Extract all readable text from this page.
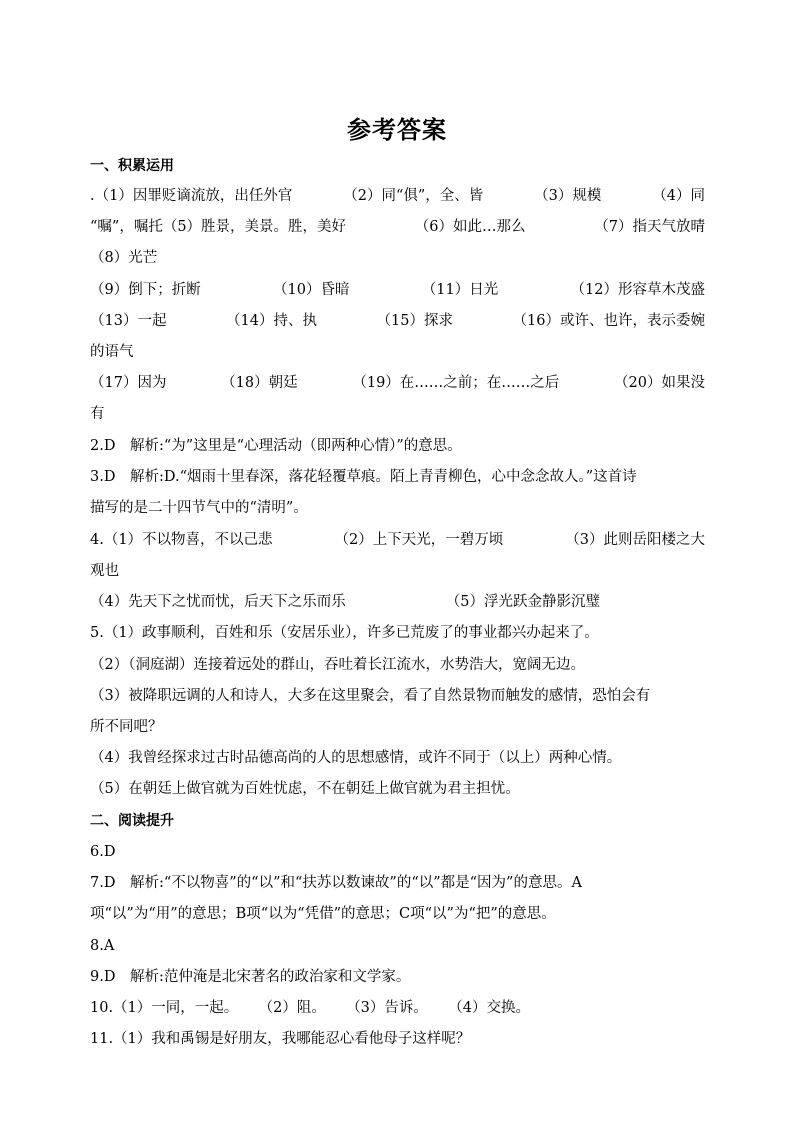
参考答案
一、积累运用
.（1）因罪贬谪流放，出任外官	（2）同“俱”，全、皆	（3）规模	（4）同
“嘱”，嘱托（5）胜景，美景。胜，美好	（6）如此…那么	（7）指天气放晴
（8）光芒
（9）倒下；折断	（10）昏暗	（11）日光	（12）形容草木茂盛
（13）一起	（14）持、执	（15）探求	（16）或许、也许，表示委婉
的语气
（17）因为	（18）朝廷	（19）在……之前；在……之后	（20）如果没
有
2.D　解析:“为”这里是“心理活动（即两种心情）”的意思。
3.D　解析:D.“烟雨十里春深，落花轻覆草痕。陌上青青柳色，心中念念故人。”这首诗
描写的是二十四节气中的“清明”。
4.（1）不以物喜，不以己悲	（2）上下天光，一碧万顷	（3）此则岳阳楼之大
观也
（4）先天下之忧而忧，后天下之乐而乐	（5）浮光跃金静影沉璧
5.（1）政事顺利，百姓和乐（安居乐业），许多已荒废了的事业都兴办起来了。
（2）（洞庭湖）连接着远处的群山，吞吐着长江流水，水势浩大，宽阔无边。
（3）被降职远调的人和诗人，大多在这里聚会，看了自然景物而触发的感情，恐怕会有
所不同吧？
（4）我曾经探求过古时品德高尚的人的思想感情，或许不同于（以上）两种心情。
（5）在朝廷上做官就为百姓忧虑，不在朝廷上做官就为君主担忧。
二、阅读提升
6.D
7.D　解析:“不以物喜”的“以”和“扶苏以数谏故”的“以”都是“因为”的意思。A
项“以”为“用”的意思；B项“以为“凭借”的意思；C项“以”为“把”的意思。
8.A
9.D　解析:范仲淹是北宋著名的政治家和文学家。
10.（1）一同，一起。 （2）阻。 （3）告诉。 （4）交换。
11.（1）我和禹锡是好朋友，我哪能忍心看他母子这样呢？
